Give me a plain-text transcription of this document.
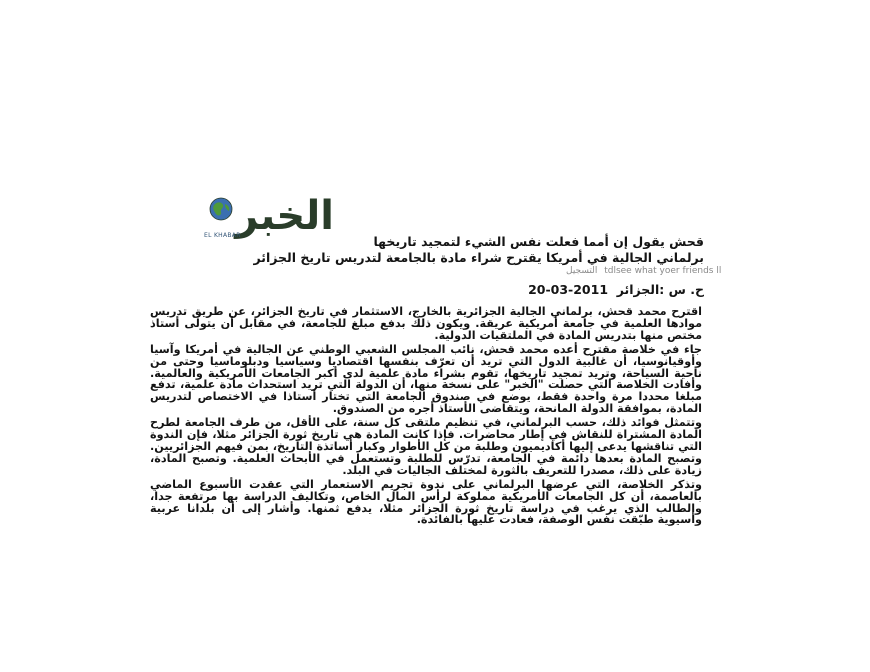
الخبر
EL KHABAR	قحش يقول إن أمما فعلت نفس الشيء لتمجيد تاريخها
برلماني الجالية في أمريكا يقترح شراء مادة بالجامعة لتدريس تاريخ الجزائر
التسجيل tdlsee what yoer friends ll
20-03-2011 الجزائر: ح. س

اقترح محمد قحش، برلماني الجالية الجزائرية بالخارج، الاستثمار في تاريخ الجزائر، عن طريق تدريس موادها العلمية في جامعة أمريكية عريقة. ويكون ذلك بدفع مبلغ للجامعة، في مقابل أن يتولى أستاذ مختص منها بتدريس المادة في الملتقيات الدولية.

جاء في خلاصة مقترح أعده محمد قحش، نائب المجلس الشعبي الوطني عن الجالية في أمريكا وآسيا وأوقيانوسيا، أن غالبية الدول التي تريد أن تعرّف بنفسها اقتصاديا وسياسيا ودبلوماسيا وحتى من ناحية السياحة، وتريد تمجيد تاريخها، تقوم بشراء مادة علمية لدى أكبر الجامعات الأمريكية والعالمية. وأفادت الخلاصة التي حصلت "الخبر" على نسخة منها، أن الدولة التي تريد استحداث مادة علمية، تدفع مبلغا محددا مرة واحدة فقط، يوضع في صندوق الجامعة التي تختار أستاذا في الاختصاص لتدريس المادة، بموافقة الدولة المانحة، ويتقاضى الأستاذ أجره من الصندوق.

وتتمثل فوائد ذلك، حسب البرلماني، في تنظيم ملتقى كل سنة، على الأقل، من طرف الجامعة لطرح المادة المشتراة للنقاش في إطار محاضرات. فإذا كانت المادة هي تاريخ ثورة الجزائر مثلا، فإن الندوة التي تناقشها يدعى إليها أكاديميون وطلبة من كل الأطوار وكبار أساتذة التاريخ، بمن فيهم الجزائريين. وتصبح المادة بعدها دائمة في الجامعة، تدرّس للطلبة وتستعمل في الأبحاث العلمية. وتصبح المادة، زيادة على ذلك، مصدرا للتعريف بالثورة لمختلف الجاليات في البلد.

وتذكر الخلاصة، التي عرضها البرلماني على ندوة تجريم الاستعمار التي عقدت الأسبوع الماضي بالعاصمة، أن كل الجامعات الأمريكية مملوكة لرأس المال الخاص، وتكاليف الدراسة بها مرتفعة جدا، والطالب الذي يرغب في دراسة تاريخ ثورة الجزائر مثلا، يدفع ثمنها. وأشار إلى أن بلدانا عربية وأسيوية طبّقت نفس الوصفة، فعادت عليها بالفائدة.
